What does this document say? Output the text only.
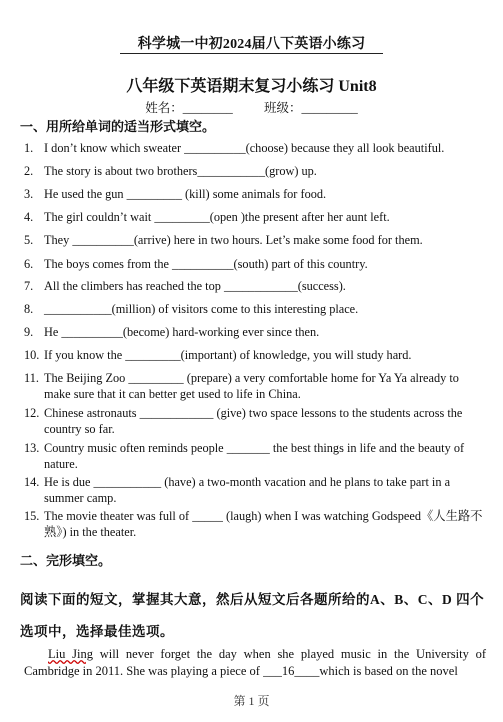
科学城一中初2024届八下英语小练习
八年级下英语期末复习小练习 Unit8
姓名：________ 班级：_________
一、用所给单词的适当形式填空。
1. I don’t know which sweater __________(choose) because they all look beautiful.
2. The story is about two brothers___________(grow) up.
3. He used the gun _________ (kill) some animals for food.
4. The girl couldn’t wait _________(open )the present after her aunt left.
5. They __________(arrive) here in two hours. Let’s make some food for them.
6. The boys comes from the __________(south) part of this country.
7. All the climbers has reached the top ____________(success).
8. ___________(million) of visitors come to this interesting place.
9. He __________(become) hard-working ever since then.
10. If you know the _________(important) of knowledge, you will study hard.
11. The Beijing Zoo _________ (prepare) a very comfortable home for Ya Ya already to make sure that it can better get used to life in China.
12. Chinese astronauts ____________ (give) two space lessons to the students across the country so far.
13. Country music often reminds people _______ the best things in life and the beauty of nature.
14. He is due ___________ (have) a two-month vacation and he plans to take part in a summer camp.
15. The movie theater was full of _____ (laugh) when I was watching Godspeed《人生路不熟》) in the theater.
二、完形填空。
阅读下面的短文，掌握其大意，然后从短文后各题所给的A、B、C、D 四个选项中，选择最佳选项。
Liu Jing will never forget the day when she played music in the University of Cambridge in 2011. She was playing a piece of ___16____which is based on the novel
第 1 页
